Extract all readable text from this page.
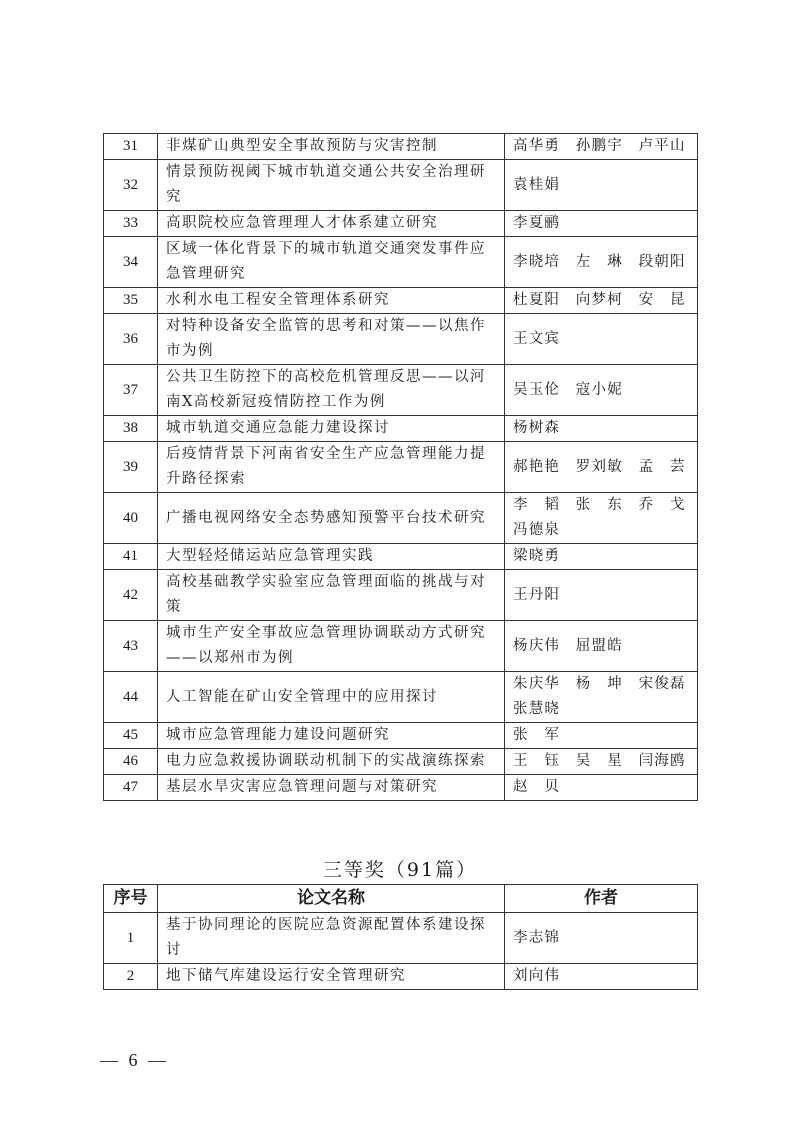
31	非煤矿山典型安全事故预防与灾害控制	高华勇　孙鹏宇　卢平山
32	情景预防视阈下城市轨道交通公共安全治理研究	袁桂娟
33	高职院校应急管理理人才体系建立研究	李夏鹂
34	区域一体化背景下的城市轨道交通突发事件应急管理研究	李晓培　左　琳　段朝阳
35	水利水电工程安全管理体系研究	杜夏阳　向梦柯　安　昆
36	对特种设备安全监管的思考和对策——以焦作市为例	王文宾
37	公共卫生防控下的高校危机管理反思——以河南X高校新冠疫情防控工作为例	吴玉伦　寇小妮
38	城市轨道交通应急能力建设探讨	杨树森
39	后疫情背景下河南省安全生产应急管理能力提升路径探索	郝艳艳　罗刘敏　孟　芸
40	广播电视网络安全态势感知预警平台技术研究	李　韬　张　东　乔　戈
冯德泉
41	大型轻烃储运站应急管理实践	梁晓勇
42	高校基础教学实验室应急管理面临的挑战与对策	王丹阳
43	城市生产安全事故应急管理协调联动方式研究——以郑州市为例	杨庆伟　屈盟皓
44	人工智能在矿山安全管理中的应用探讨	朱庆华　杨　坤　宋俊磊
张慧晓
45	城市应急管理能力建设问题研究	张　军
46	电力应急救援协调联动机制下的实战演练探索	王　钰　吴　星　闫海鸥
47	基层水旱灾害应急管理问题与对策研究	赵　贝
三等奖（91篇）
序号	论文名称	作者
1	基于协同理论的医院应急资源配置体系建设探讨	李志锦
2	地下储气库建设运行安全管理研究	刘向伟
— 6 —
